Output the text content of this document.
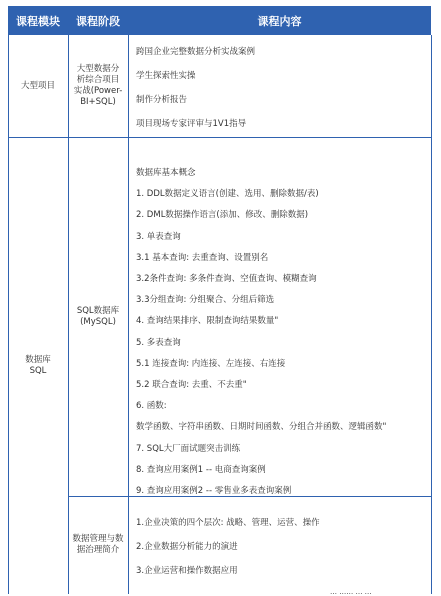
课程模块	课程阶段	课程内容
大型项目
数据库
SQL
大型数据分
析综合项目
实战(Power-
BI+SQL)
跨国企业完整数据分析实战案例
学生探索性实操
制作分析报告
项目现场专家评审与1V1指导
SQL数据库
(MySQL)
数据库基本概念
1. DDL数据定义语言(创建、选用、删除数据/表)
2. DML数据操作语言(添加、修改、删除数据)
3. 单表查询
3.1 基本查询: 去重查询、设置别名
3.2条件查询: 多条件查询、空值查询、模糊查询
3.3分组查询: 分组聚合、分组后筛选
4. 查询结果排序、限制查询结果数量"
5. 多表查询
5.1 连接查询: 内连接、左连接、右连接
5.2 联合查询: 去重、不去重"
6. 函数:
数学函数、字符串函数、日期时间函数、分组合并函数、逻辑函数"
7. SQL大厂面试题突击训练
8. 查询应用案例1 -- 电商查询案例
9. 查询应用案例2 -- 零售业多表查询案例
数据管理与数
据治理简介
1.企业决策的四个层次: 战略、管理、运营、操作
2.企业数据分析能力的演进
3.企业运营和操作数据应用
… …… … …
